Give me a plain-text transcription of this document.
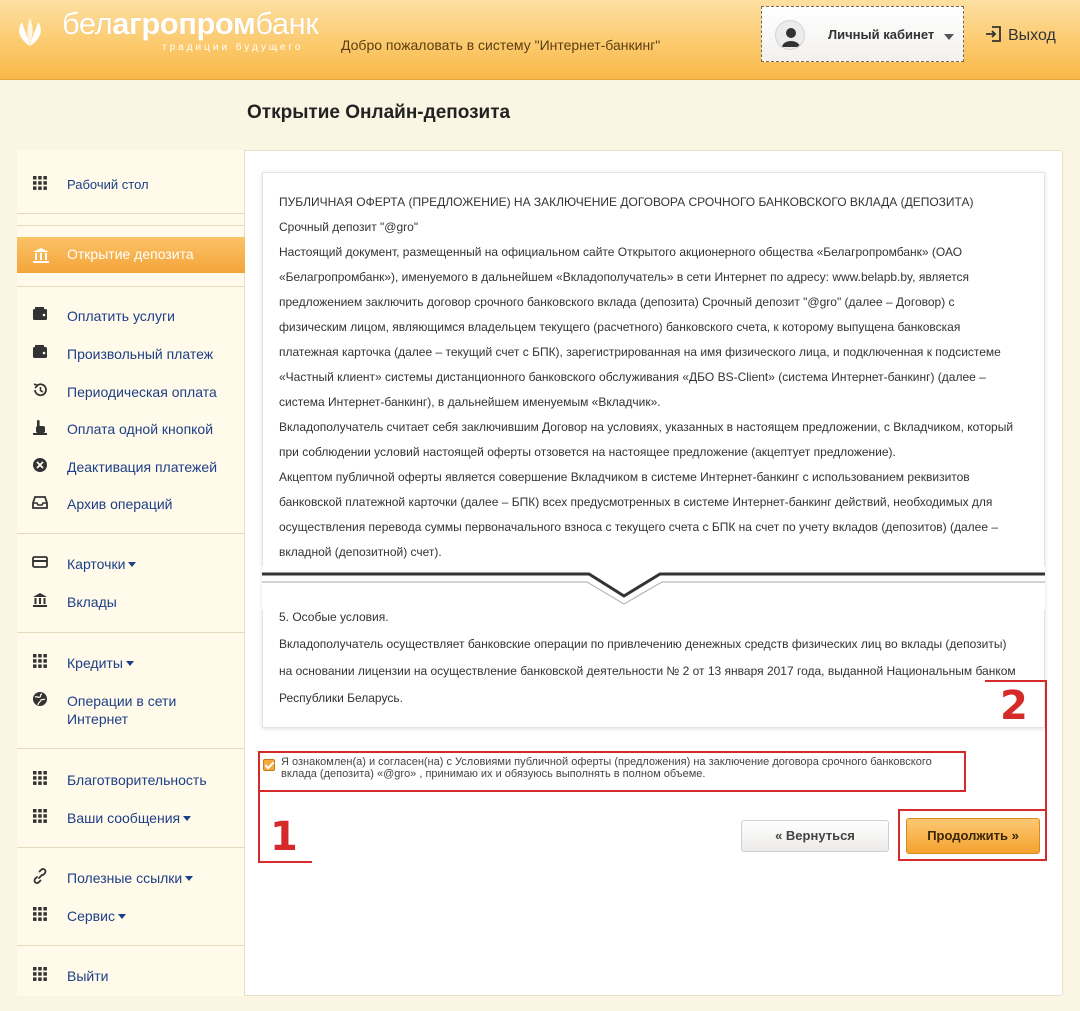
белагропромбанк
традиции будущего	Добро пожаловать в систему "Интернет-банкинг"
Личный кабинет	Выход
Открытие Онлайн-депозита
Рабочий стол
Открытие депозита
Оплатить услуги
Произвольный платеж
Периодическая оплата
Оплата одной кнопкой
Деактивация платежей
Архив операций
Карточки
Вклады
Кредиты
Операции в сети
Интернет
Благотворительность
Ваши сообщения
Полезные ссылки
Сервис
Выйти
ПУБЛИЧНАЯ ОФЕРТА (ПРЕДЛОЖЕНИЕ) НА ЗАКЛЮЧЕНИЕ ДОГОВОРА СРОЧНОГО БАНКОВСКОГО ВКЛАДА (ДЕПОЗИТА)
Срочный депозит "@gro"
Настоящий документ, размещенный на официальном сайте Открытого акционерного общества «Белагропромбанк» (ОАО «Белагропромбанк»), именуемого в дальнейшем «Вкладополучатель» в сети Интернет по адресу: www.belapb.by, является предложением заключить договор срочного банковского вклада (депозита) Срочный депозит "@gro" (далее – Договор) с физическим лицом, являющимся владельцем текущего (расчетного) банковского счета, к которому выпущена банковская платежная карточка (далее – текущий счет с БПК), зарегистрированная на имя физического лица, и подключенная к подсистеме «Частный клиент» системы дистанционного банковского обслуживания «ДБО BS-Client» (система Интернет-банкинг) (далее – система Интернет-банкинг), в дальнейшем именуемым «Вкладчик».
Вкладополучатель считает себя заключившим Договор на условиях, указанных в настоящем предложении, с Вкладчиком, который при соблюдении условий настоящей оферты отзовется на настоящее предложение (акцептует предложение).
Акцептом публичной оферты является совершение Вкладчиком в системе Интернет-банкинг с использованием реквизитов банковской платежной карточки (далее – БПК) всех предусмотренных в системе Интернет-банкинг действий, необходимых для осуществления перевода суммы первоначального взноса с текущего счета с БПК на счет по учету вкладов (депозитов) (далее – вкладной (депозитной) счет).
5. Особые условия.
Вкладополучатель осуществляет банковские операции по привлечению денежных средств физических лиц во вклады (депозиты) на основании лицензии на осуществление банковской деятельности № 2 от 13 января 2017 года, выданной Национальным банком Республики Беларусь.
Я ознакомлен(а) и согласен(на) с Условиями публичной оферты (предложения) на заключение договора срочного банковского вклада (депозита) «@gro» , принимаю их и обязуюсь выполнять в полном объеме.
1
2
« Вернуться	Продолжить »
